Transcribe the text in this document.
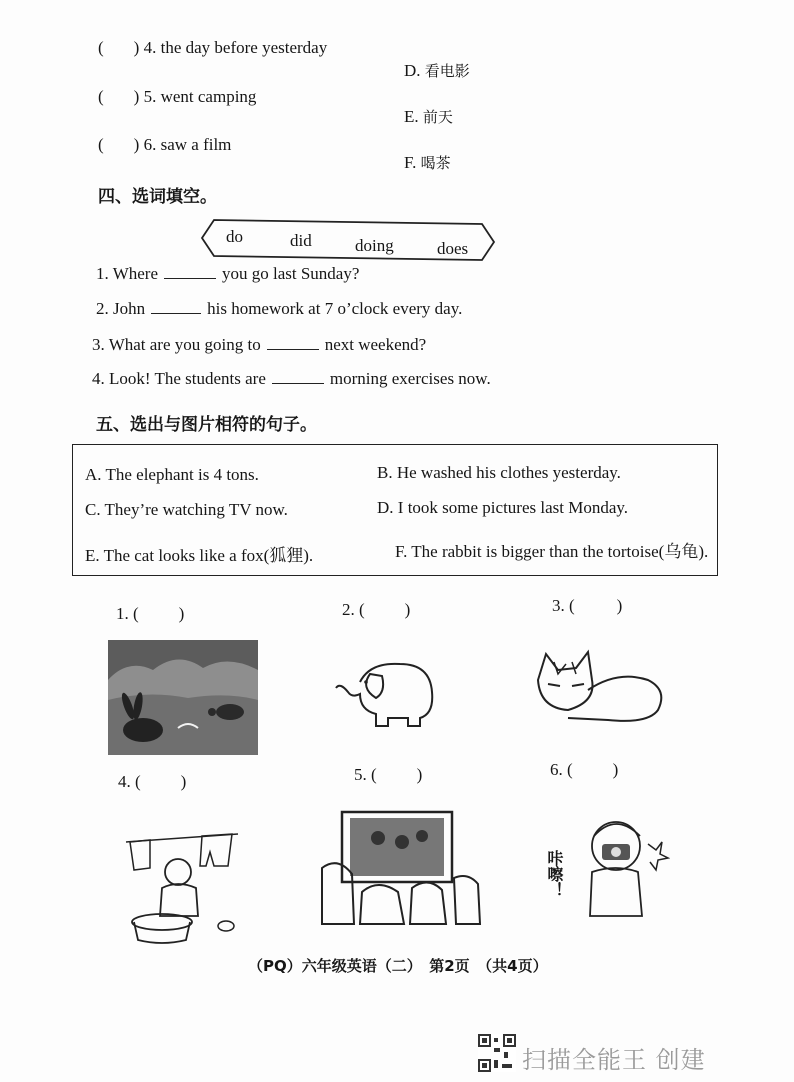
( ) 4. the day before yesterday
( ) 5. went camping
( ) 6. saw a film
D. 看电影
E. 前天
F. 喝茶
四、选词填空。
do	did	doing	does
1. Where	you go last Sunday?
2. John	his homework at 7 o’clock every day.
3. What are you going to	next weekend?
4. Look! The students are	morning exercises now.
五、选出与图片相符的句子。
A. The elephant is 4 tons.	B. He washed his clothes yesterday.
C. They’re watching TV now.	D. I took some pictures last Monday.
E. The cat looks like a fox(狐狸).	F. The rabbit is bigger than the tortoise(乌龟).
1. ( )	2. ( )	3. ( )
4. ( )	5. ( )	6. ( )
咔嚓！
（PQ）六年级英语（二）　第2页　（共4页）
扫描全能王 创建
